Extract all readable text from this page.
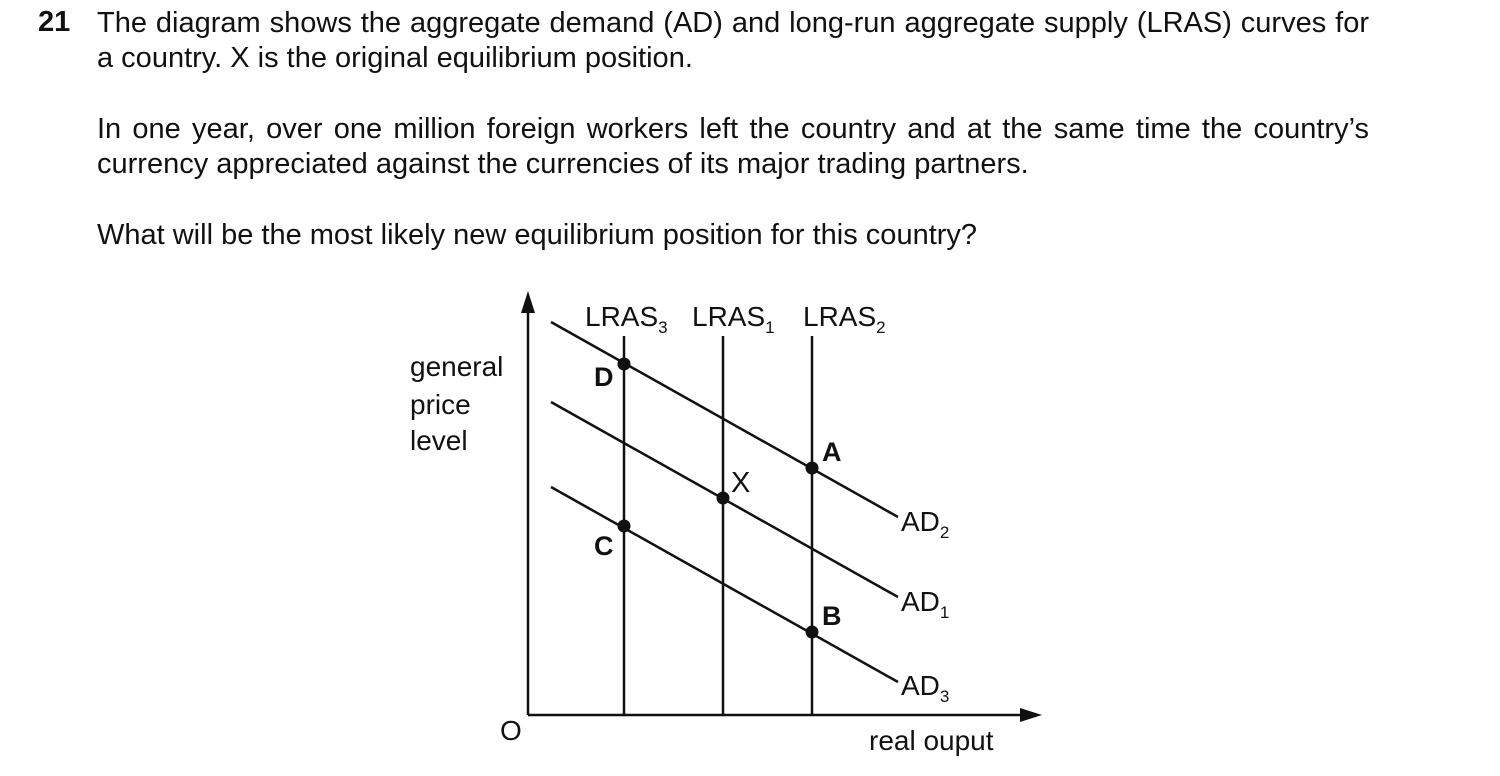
21 The diagram shows the aggregate demand (AD) and long-run aggregate supply (LRAS) curves for a country. X is the original equilibrium position.

In one year, over one million foreign workers left the country and at the same time the country’s currency appreciated against the currencies of its major trading partners.

What will be the most likely new equilibrium position for this country?

D
A
X
C
B
$LRAS_3$ $LRAS_1$ $LRAS_2$
$AD_2$
$AD_1$
$AD_3$
general
price
level
O	real ouput
